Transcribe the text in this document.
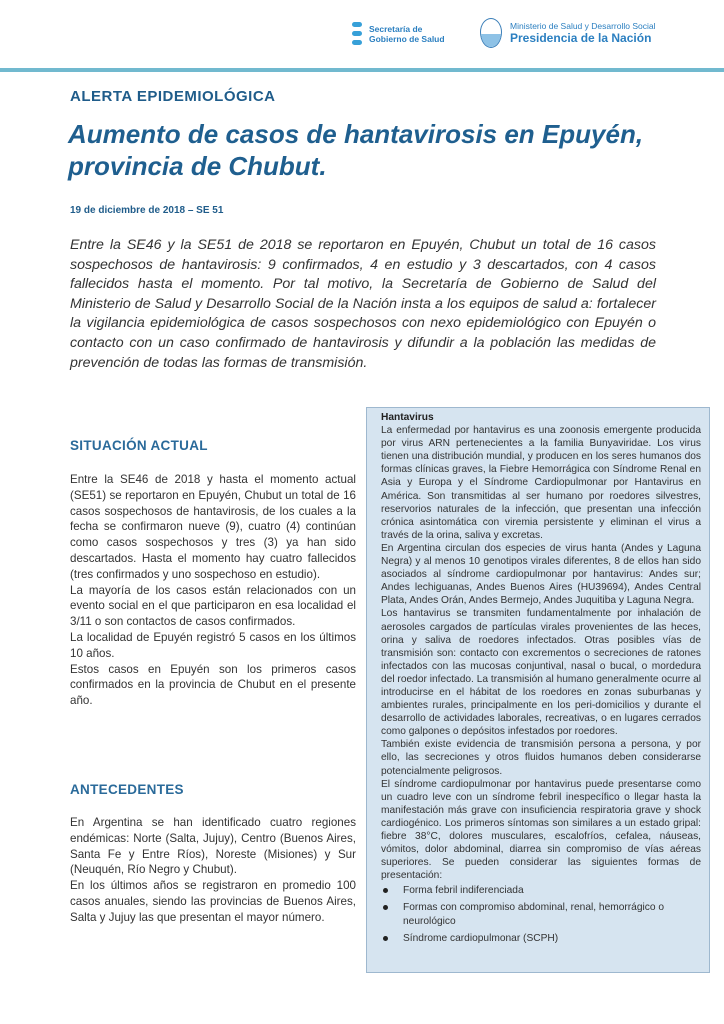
Secretaría de
Gobierno de Salud
Ministerio de Salud y Desarrollo Social
Presidencia de la Nación
ALERTA EPIDEMIOLÓGICA
Aumento de casos de hantavirosis en Epuyén, provincia de Chubut.
19 de diciembre de 2018 – SE 51
Entre la SE46 y la SE51 de 2018 se reportaron en Epuyén, Chubut un total de 16 casos sospechosos de hantavirosis: 9 confirmados, 4 en estudio y 3 descartados, con 4 casos fallecidos hasta el momento. Por tal motivo, la Secretaría de Gobierno de Salud del Ministerio de Salud y Desarrollo Social de la Nación insta a los equipos de salud a: fortalecer la vigilancia epidemiológica de casos sospechosos con nexo epidemiológico con Epuyén o contacto con un caso confirmado de hantavirosis y difundir a la población las medidas de prevención de todas las formas de transmisión.
SITUACIÓN ACTUAL

Entre la SE46 de 2018 y hasta el momento actual (SE51) se reportaron en Epuyén, Chubut un total de 16 casos sospechosos de hantavirosis, de los cuales a la fecha se confirmaron nueve (9), cuatro (4) continúan como casos sospechosos y tres (3) ya han sido descartados. Hasta el momento hay cuatro fallecidos (tres confirmados y uno sospechoso en estudio).

La mayoría de los casos están relacionados con un evento social en el que participaron en esa localidad el 3/11 o son contactos de casos confirmados.

La localidad de Epuyén registró 5 casos en los últimos 10 años.

Estos casos en Epuyén son los primeros casos confirmados en la provincia de Chubut en el presente año.

ANTECEDENTES

En Argentina se han identificado cuatro regiones endémicas: Norte (Salta, Jujuy), Centro (Buenos Aires, Santa Fe y Entre Ríos), Noreste (Misiones) y Sur (Neuquén, Río Negro y Chubut).

En los últimos años se registraron en promedio 100 casos anuales, siendo las provincias de Buenos Aires, Salta y Jujuy las que presentan el mayor número.

Hantavirus

La enfermedad por hantavirus es una zoonosis emergente producida por virus ARN pertenecientes a la familia Bunyaviridae. Los virus tienen una distribución mundial, y producen en los seres humanos dos formas clínicas graves, la Fiebre Hemorrágica con Síndrome Renal en Asia y Europa y el Síndrome Cardiopulmonar por Hantavirus en América. Son transmitidas al ser humano por roedores silvestres, reservorios naturales de la infección, que presentan una infección crónica asintomática con viremia persistente y eliminan el virus a través de la orina, saliva y excretas.

En Argentina circulan dos especies de virus hanta (Andes y Laguna Negra) y al menos 10 genotipos virales diferentes, 8 de ellos han sido asociados al síndrome cardiopulmonar por hantavirus: Andes sur; Andes lechiguanas, Andes Buenos Aires (HU39694), Andes Central Plata, Andes Orán, Andes Bermejo, Andes Juquitiba y Laguna Negra.

Los hantavirus se transmiten fundamentalmente por inhalación de aerosoles cargados de partículas virales provenientes de las heces, orina y saliva de roedores infectados. Otras posibles vías de transmisión son: contacto con excrementos o secreciones de ratones infectados con las mucosas conjuntival, nasal o bucal, o mordedura del roedor infectado. La transmisión al humano generalmente ocurre al introducirse en el hábitat de los roedores en zonas suburbanas y ambientes rurales, principalmente en los peri-domicilios y durante el desarrollo de actividades laborales, recreativas, o en lugares cerrados como galpones o depósitos infestados por roedores.

También existe evidencia de transmisión persona a persona, y por ello, las secreciones y otros fluidos humanos deben considerarse potencialmente peligrosos.

El síndrome cardiopulmonar por hantavirus puede presentarse como un cuadro leve con un síndrome febril inespecífico o llegar hasta la manifestación más grave con insuficiencia respiratoria grave y shock cardiogénico. Los primeros síntomas son similares a un estado gripal: fiebre 38°C, dolores musculares, escalofríos, cefalea, náuseas, vómitos, dolor abdominal, diarrea sin compromiso de vías aéreas superiores. Se pueden considerar las siguientes formas de presentación:

Forma febril indiferenciada
Formas con compromiso abdominal, renal, hemorrágico o neurológico
Síndrome cardiopulmonar (SCPH)
